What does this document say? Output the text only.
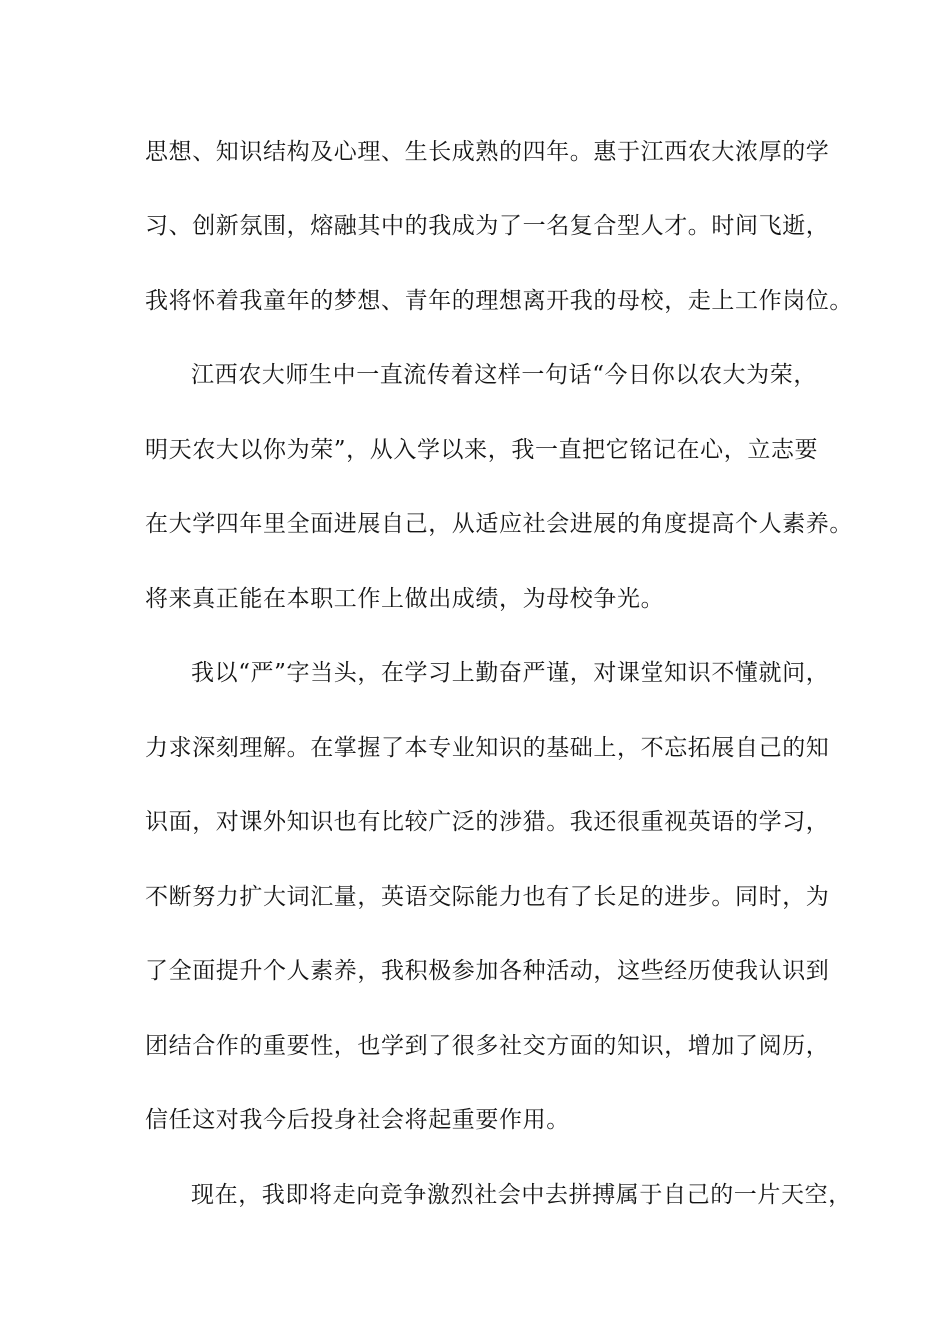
思想、知识结构及心理、生长成熟的四年。惠于江西农大浓厚的学

习、创新氛围，熔融其中的我成为了一名复合型人才。时间飞逝，

我将怀着我童年的梦想、青年的理想离开我的母校，走上工作岗位。

江西农大师生中一直流传着这样一句话“今日你以农大为荣，

明天农大以你为荣”，从入学以来，我一直把它铭记在心，立志要

在大学四年里全面进展自己，从适应社会进展的角度提高个人素养。

将来真正能在本职工作上做出成绩，为母校争光。

我以“严”字当头，在学习上勤奋严谨，对课堂知识不懂就问，

力求深刻理解。在掌握了本专业知识的基础上，不忘拓展自己的知

识面，对课外知识也有比较广泛的涉猎。我还很重视英语的学习，

不断努力扩大词汇量，英语交际能力也有了长足的进步。同时，为

了全面提升个人素养，我积极参加各种活动，这些经历使我认识到

团结合作的重要性，也学到了很多社交方面的知识，增加了阅历，

信任这对我今后投身社会将起重要作用。

现在，我即将走向竞争激烈社会中去拼搏属于自己的一片天空，
